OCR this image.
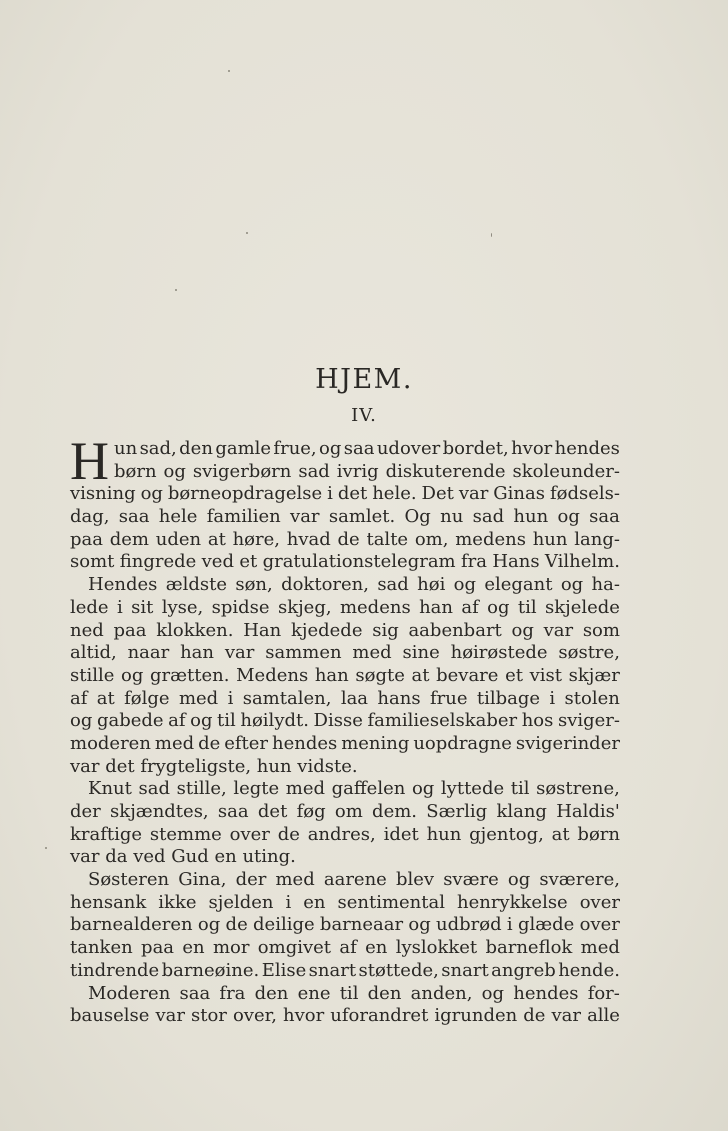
HJEM.
IV.
H un sad, den gamle frue, og saa udover bordet, hvor hendes
børn og svigerbørn sad ivrig diskuterende skoleunder-
visning og børneopdragelse i det hele. Det var Ginas fødsels-
dag, saa hele familien var samlet. Og nu sad hun og saa
paa dem uden at høre, hvad de talte om, medens hun lang-
somt fingrede ved et gratulationstelegram fra Hans Vilhelm.
Hendes ældste søn, doktoren, sad høi og elegant og ha-
lede i sit lyse, spidse skjeg, medens han af og til skjelede
ned paa klokken. Han kjedede sig aabenbart og var som
altid, naar han var sammen med sine høirøstede søstre,
stille og grætten. Medens han søgte at bevare et vist skjær
af at følge med i samtalen, laa hans frue tilbage i stolen
og gabede af og til høilydt. Disse familieselskaber hos sviger-
moderen med de efter hendes mening uopdragne svigerinder
var det frygteligste, hun vidste.
Knut sad stille, legte med gaffelen og lyttede til søstrene,
der skjændtes, saa det føg om dem. Særlig klang Haldis'
kraftige stemme over de andres, idet hun gjentog, at børn
var da ved Gud en uting.
Søsteren Gina, der med aarene blev svære og sværere,
hensank ikke sjelden i en sentimental henrykkelse over
barnealderen og de deilige barneaar og udbrød i glæde over
tanken paa en mor omgivet af en lyslokket barneflok med
tindrende barneøine. Elise snart støttede, snart angreb hende.
Moderen saa fra den ene til den anden, og hendes for-
bauselse var stor over, hvor uforandret igrunden de var alle
